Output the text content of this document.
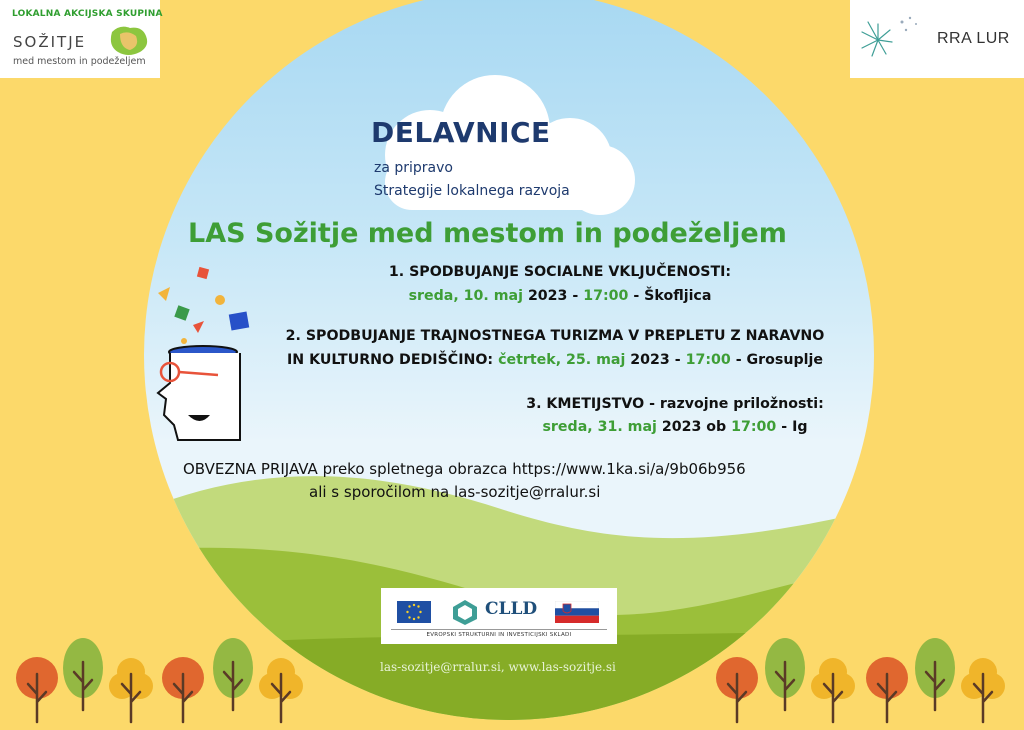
DELAVNICE
za pripravo
Strategije lokalnega razvoja
LAS Sožitje med mestom in podeželjem
1. SPODBUJANJE SOCIALNE VKLJUČENOSTI:
sreda, 10. maj 2023 - 17:00 - Škofljica
2. SPODBUJANJE TRAJNOSTNEGA TURIZMA V PREPLETU Z NARAVNO
IN KULTURNO DEDIŠČINO: četrtek, 25. maj 2023 - 17:00 - Grosuplje
3. KMETIJSTVO - razvojne priložnosti:
sreda, 31. maj 2023 ob 17:00 - Ig
OBVEZNA PRIJAVA preko spletnega obrazca https://www.1ka.si/a/9b06b956
ali s sporočilom na las-sozitje@rralur.si
CLLD
EVROPSKI STRUKTURNI IN INVESTICIJSKI SKLADI
las-sozitje@rralur.si, www.las-sozitje.si
LOKALNA AKCIJSKA SKUPINA
SOŽITJE
med mestom in podeželjem
RRA LUR
